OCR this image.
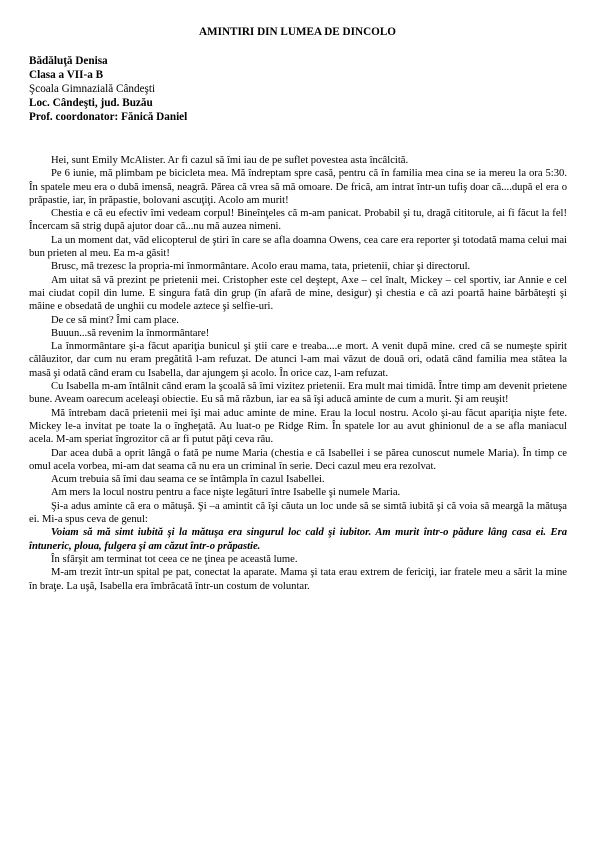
AMINTIRI DIN LUMEA DE DINCOLO
Bădăluţă Denisa
Clasa a VII-a B
Şcoala Gimnazială Cândeşti
Loc. Cândeşti, jud. Buzău
Prof. coordonator: Fănică Daniel

Hei, sunt Emily McAlister. Ar fi cazul să îmi iau de pe suflet povestea asta încâlcită.

Pe 6 iunie, mă plimbam pe bicicleta mea. Mă îndreptam spre casă, pentru că în familia mea cina se ia mereu la ora 5:30. În spatele meu era o dubă imensă, neagră. Părea că vrea să mă omoare. De frică, am intrat într-un tufiş doar că....după el era o prăpastie, iar, în prăpastie, bolovani ascuţiţi. Acolo am murit!

Chestia e că eu efectiv îmi vedeam corpul! Bineînţeles că m-am panicat. Probabil şi tu, dragă cititorule, ai fi făcut la fel! Încercam să strig după ajutor doar că...nu mă auzea nimeni.

La un moment dat, văd elicopterul de ştiri în care se afla doamna Owens, cea care era reporter şi totodată mama celui mai bun prieten al meu. Ea m-a găsit!

Brusc, mă trezesc la propria-mi înmormântare. Acolo erau mama, tata, prietenii, chiar şi directorul.

Am uitat să vă prezint pe prietenii mei. Cristopher este cel deştept, Axe – cel înalt, Mickey – cel sportiv, iar Annie e cel mai ciudat copil din lume. E singura fată din grup (în afară de mine, desigur) şi chestia e că azi poartă haine bărbăteşti şi mâine e obsedată de unghii cu modele aztece şi selfie-uri.

De ce să mint? Îmi cam place.

Buuun...să revenim la înmormântare!

La înmormântare şi-a făcut apariţia bunicul şi ştii care e treaba....e mort. A venit după mine. cred că se numeşte spirit călăuzitor, dar cum nu eram pregătită l-am refuzat. De atunci l-am mai văzut de două ori, odată când familia mea stătea la masă şi odată când eram cu Isabella, dar ajungem şi acolo. În orice caz, l-am refuzat.

Cu Isabella m-am întâlnit când eram la şcoală să îmi vizitez prietenii. Era mult mai timidă. Între timp am devenit prietene bune. Aveam oarecum aceleaşi obiectie. Eu să mă răzbun, iar ea să îşi aducă aminte de cum a murit. Şi am reuşit!

Mă întrebam dacă prietenii mei îşi mai aduc aminte de mine. Erau la locul nostru. Acolo şi-au făcut apariţia nişte fete. Mickey le-a invitat pe toate la o îngheţată. Au luat-o pe Ridge Rim. În spatele lor au avut ghinionul de a se afla maniacul acela. M-am speriat îngrozitor că ar fi putut păţi ceva rău.

Dar acea dubă a oprit lângă o fată pe nume Maria (chestia e că Isabellei i se părea cunoscut numele Maria). În timp ce omul acela vorbea, mi-am dat seama că nu era un criminal în serie. Deci cazul meu era rezolvat.

Acum trebuia să îmi dau seama ce se întâmpla în cazul Isabellei.

Am mers la locul nostru pentru a face nişte legături între Isabelle şi numele Maria.

Şi-a adus aminte că era o mătuşă. Şi –a amintit că îşi căuta un loc unde să se simtă iubită şi că voia să meargă la mătuşa ei. Mi-a spus ceva de genul:

Voiam să mă simt iubită şi la mătuşa era singurul loc cald şi iubitor. Am murit într-o pădure lâng casa ei. Era întuneric, ploua, fulgera şi am căzut într-o prăpastie.

În sfârşit am terminat tot ceea ce ne ţinea pe această lume.

M-am trezit într-un spital pe pat, conectat la aparate. Mama şi tata erau extrem de fericiţi, iar fratele meu a sărit la mine în braţe. La uşă, Isabella era îmbrăcată într-un costum de voluntar.
